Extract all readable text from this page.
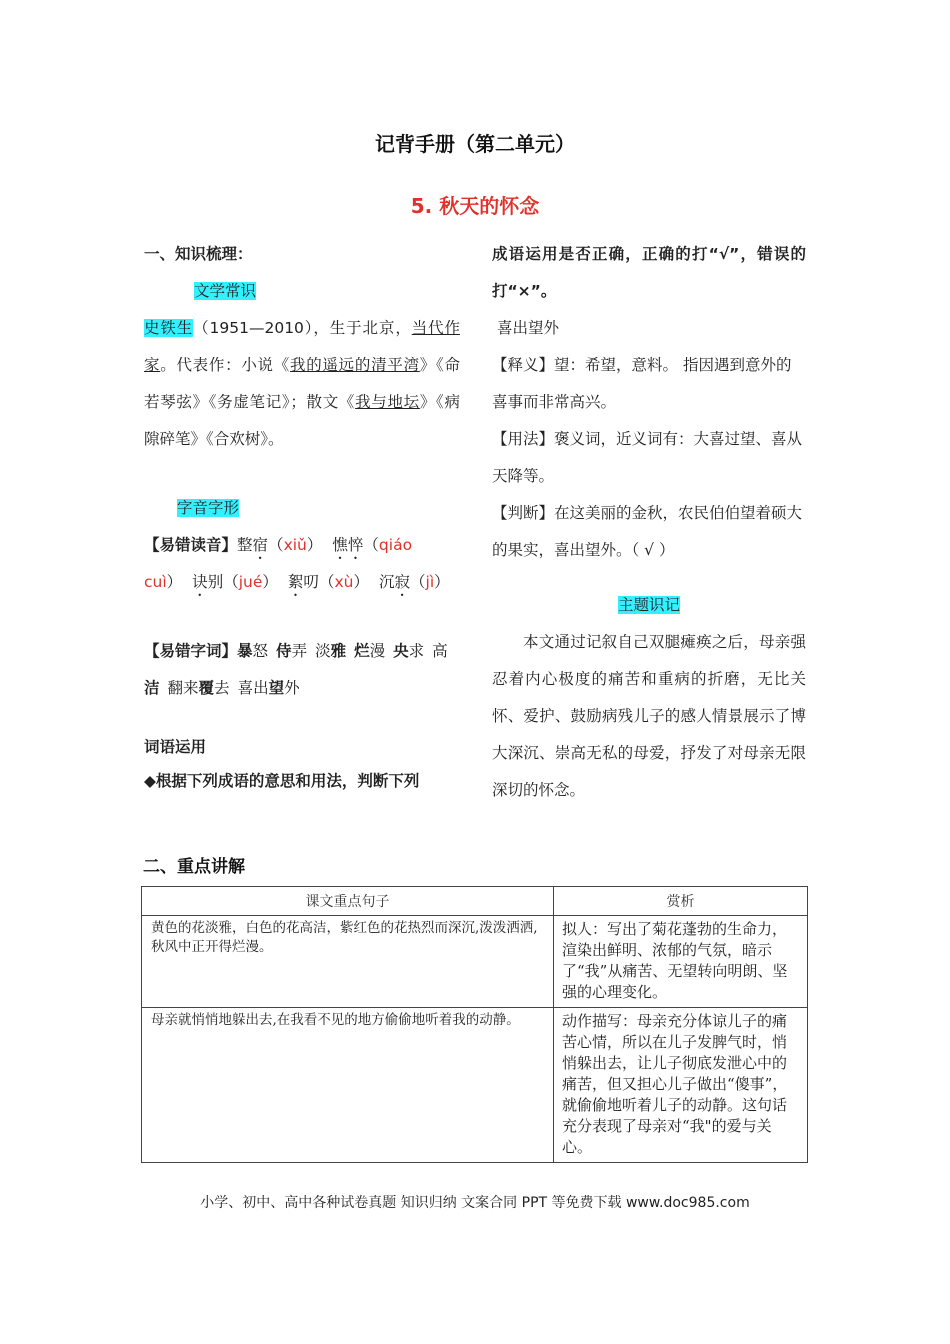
记背手册（第二单元）
5. 秋天的怀念
一、知识梳理：
文学常识
史铁生（1951—2010），生于北京，当代作家。代表作：小说《我的遥远的清平湾》《命若琴弦》《务虚笔记》；散文《我与地坛》《病隙碎笔》《合欢树》。
字音字形
【易错读音】整宿（xiǔ） 憔悴（qiáo cuì） 诀别（jué） 絮叨（xù） 沉寂（jì）
【易错字词】暴怒 侍弄 淡雅 烂漫 央求 高洁 翻来覆去 喜出望外
词语运用
◆根据下列成语的意思和用法，判断下列
成语运用是否正确，正确的打“√”，错误的打“×”。
喜出望外
【释义】望：希望，意料。 指因遇到意外的喜事而非常高兴。
【用法】褒义词，近义词有：大喜过望、喜从天降等。
【判断】在这美丽的金秋，农民伯伯望着硕大的果实，喜出望外。（ √ ）
主题识记
本文通过记叙自己双腿瘫痪之后，母亲强忍着内心极度的痛苦和重病的折磨，无比关怀、爱护、鼓励病残儿子的感人情景展示了博大深沉、崇高无私的母爱，抒发了对母亲无限深切的怀念。
二、重点讲解
课文重点句子	赏析
黄色的花淡雅，白色的花高洁，紫红色的花热烈而深沉,泼泼洒洒,秋风中正开得烂漫。	拟人：写出了菊花蓬勃的生命力，渲染出鲜明、浓郁的气氛，暗示了“我”从痛苦、无望转向明朗、坚强的心理变化。
母亲就悄悄地躲出去,在我看不见的地方偷偷地听着我的动静。	动作描写：母亲充分体谅儿子的痛苦心情，所以在儿子发脾气时，悄悄躲出去，让儿子彻底发泄心中的痛苦，但又担心儿子做出“傻事”，就偷偷地听着儿子的动静。这句话充分表现了母亲对“我"的爱与关心。
小学、初中、高中各种试卷真题 知识归纳 文案合同 PPT 等免费下载 www.doc985.com
